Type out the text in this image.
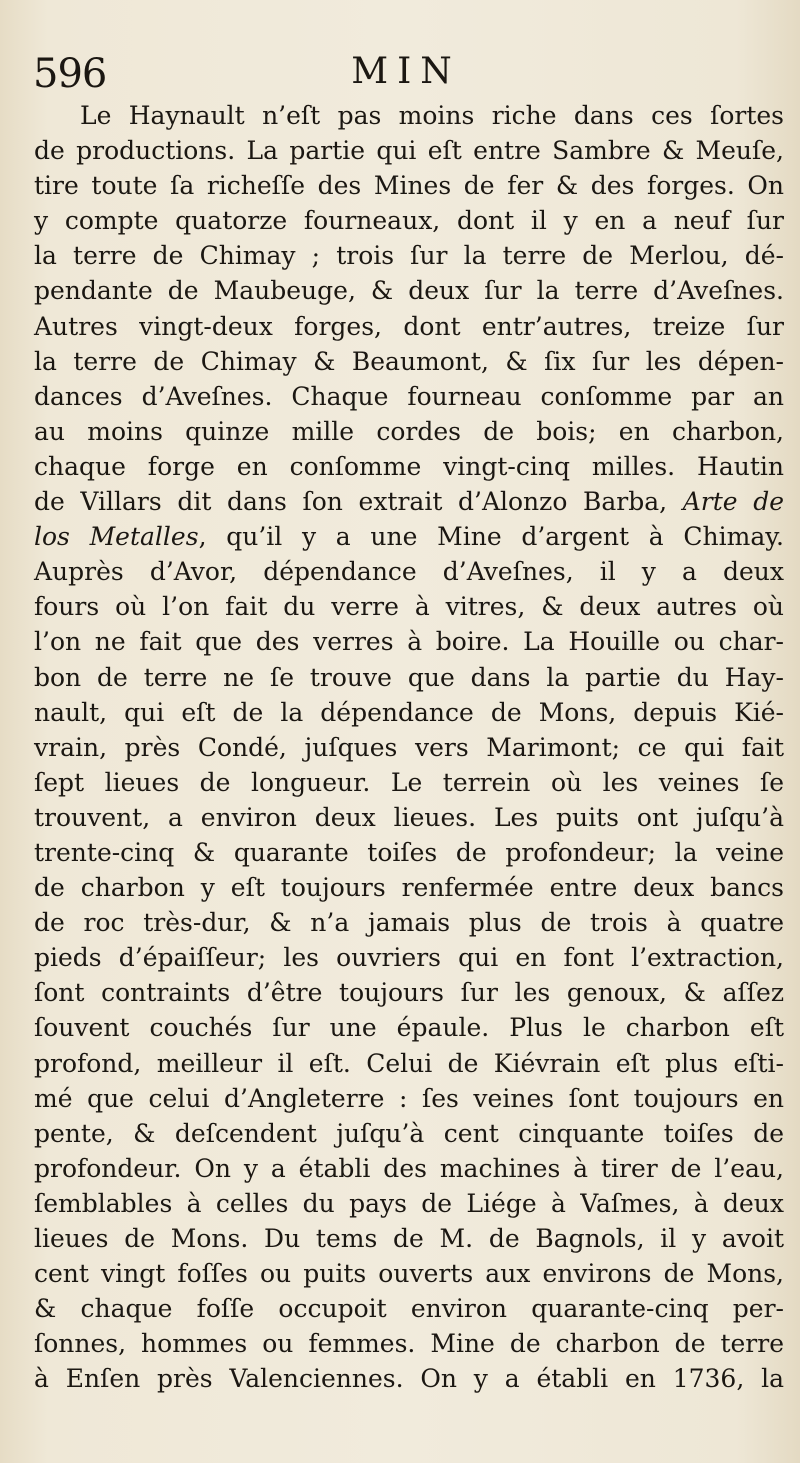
596	MIN
Le Haynault n’eſt pas moins riche dans ces ſortes
de productions. La partie qui eſt entre Sambre & Meuſe,
tire toute ſa richeſſe des Mines de fer & des forges. On
y compte quatorze fourneaux, dont il y en a neuf ſur
la terre de Chimay ; trois ſur la terre de Merlou, dé-
pendante de Maubeuge, & deux ſur la terre d’Aveſnes.
Autres vingt-deux forges, dont entr’autres, treize ſur
la terre de Chimay & Beaumont, & ſix ſur les dépen-
dances d’Aveſnes. Chaque fourneau conſomme par an
au moins quinze mille cordes de bois; en charbon,
chaque forge en conſomme vingt-cinq milles. Hautin
de Villars dit dans ſon extrait d’Alonzo Barba, Arte de
los Metalles, qu’il y a une Mine d’argent à Chimay.
Auprès d’Avor, dépendance d’Aveſnes, il y a deux
fours où l’on fait du verre à vitres, & deux autres où
l’on ne fait que des verres à boire. La Houille ou char-
bon de terre ne ſe trouve que dans la partie du Hay-
nault, qui eſt de la dépendance de Mons, depuis Kié-
vrain, près Condé, juſques vers Marimont; ce qui fait
ſept lieues de longueur. Le terrein où les veines ſe
trouvent, a environ deux lieues. Les puits ont juſqu’à
trente-cinq & quarante toiſes de profondeur; la veine
de charbon y eſt toujours renfermée entre deux bancs
de roc très-dur, & n’a jamais plus de trois à quatre
pieds d’épaiſſeur; les ouvriers qui en font l’extraction,
ſont contraints d’être toujours ſur les genoux, & aſſez
ſouvent couchés ſur une épaule. Plus le charbon eſt
profond, meilleur il eſt. Celui de Kiévrain eſt plus eſti-
mé que celui d’Angleterre : ſes veines ſont toujours en
pente, & deſcendent juſqu’à cent cinquante toiſes de
profondeur. On y a établi des machines à tirer de l’eau,
ſemblables à celles du pays de Liége à Vaſmes, à deux
lieues de Mons. Du tems de M. de Bagnols, il y avoit
cent vingt foſſes ou puits ouverts aux environs de Mons,
& chaque foſſe occupoit environ quarante-cinq per-
ſonnes, hommes ou femmes. Mine de charbon de terre
à Enſen près Valenciennes. On y a établi en 1736, la
